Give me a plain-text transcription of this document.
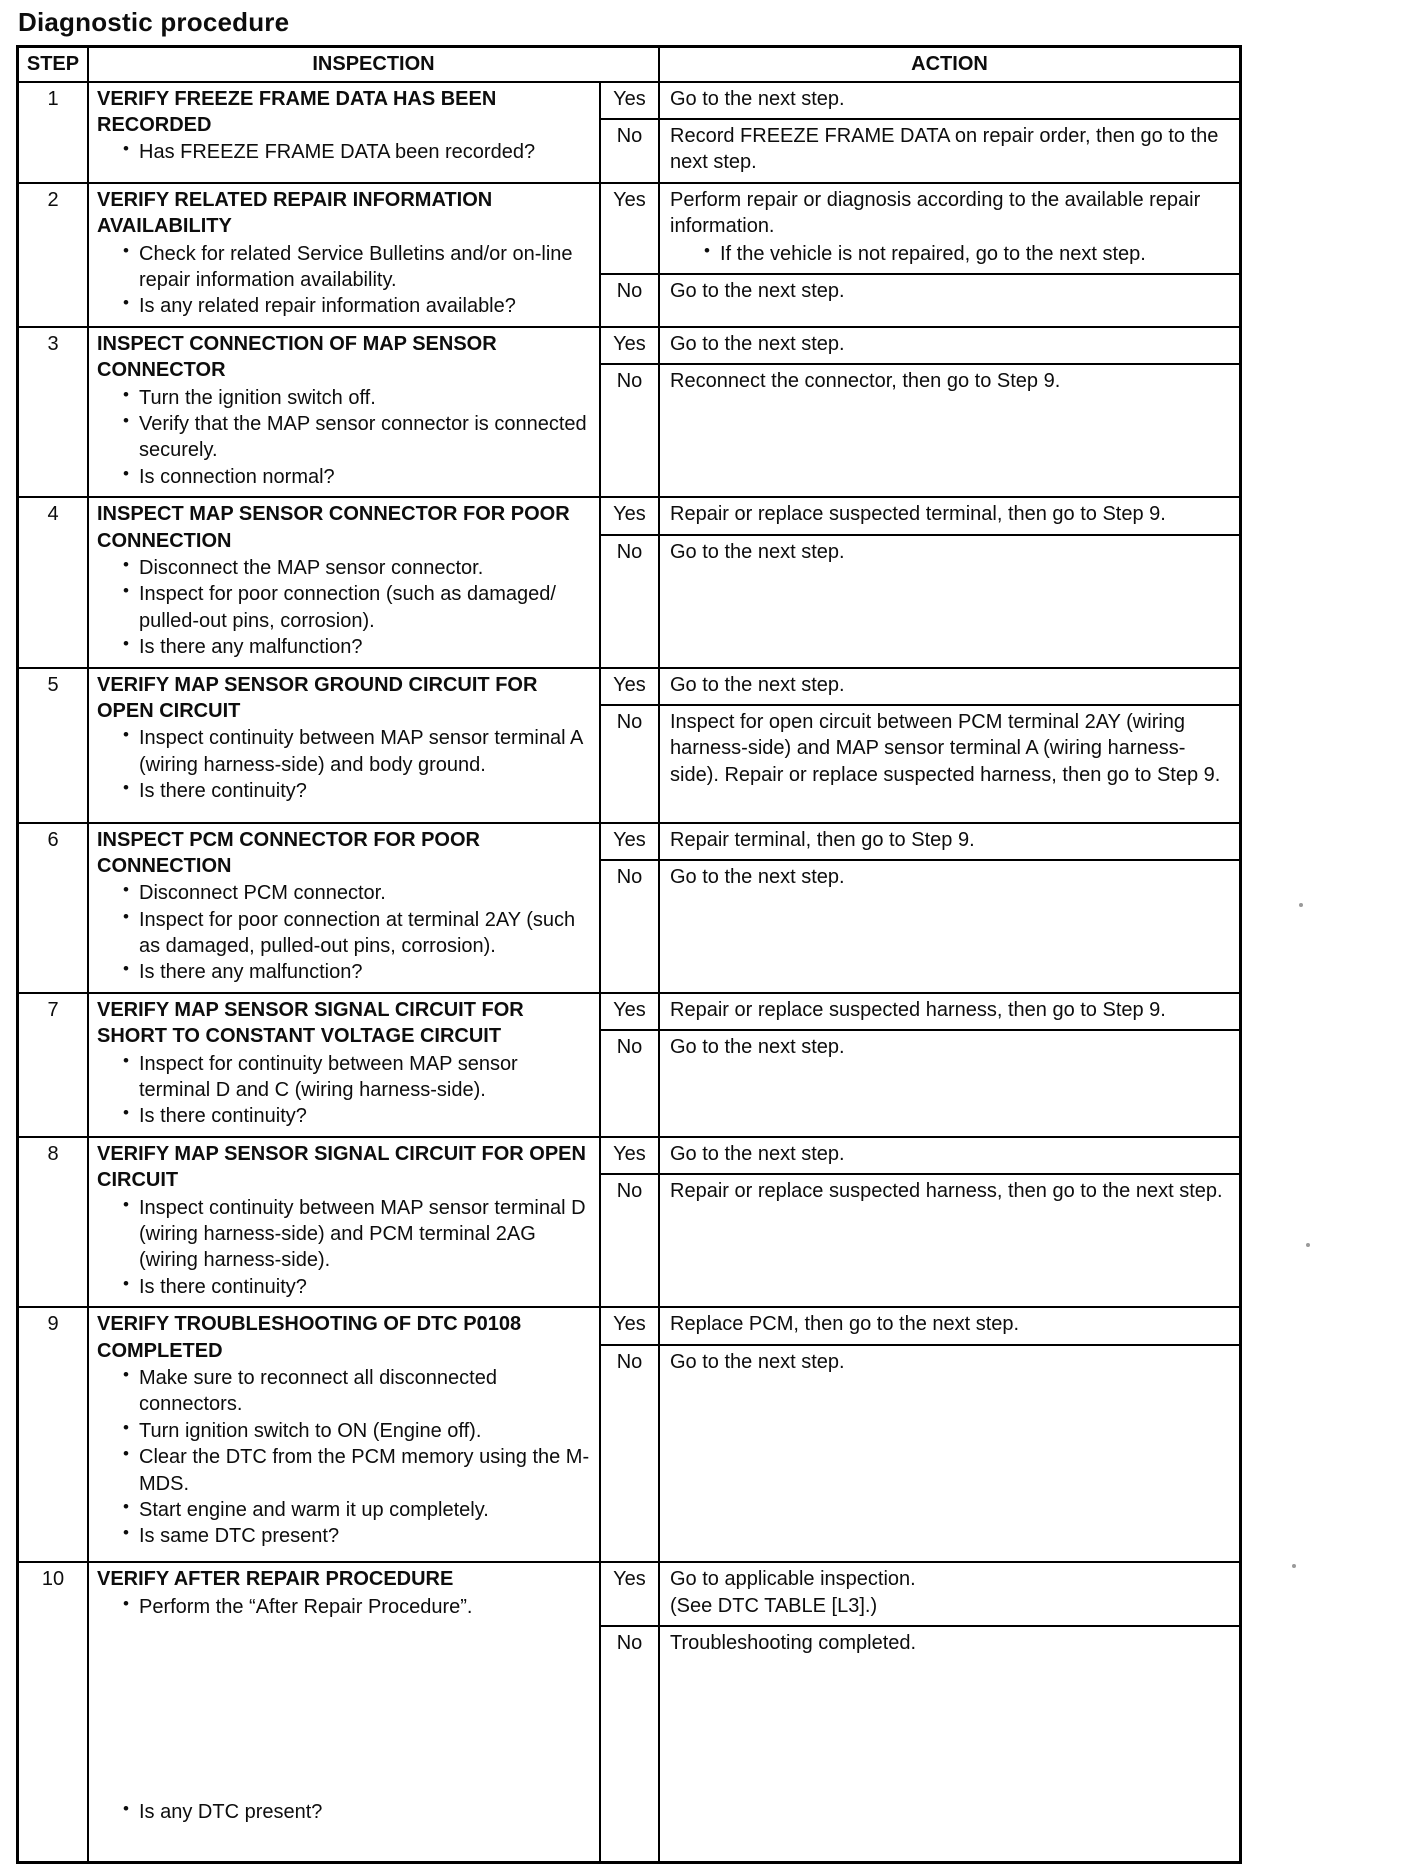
Diagnostic procedure
STEP	INSPECTION	ACTION
1	VERIFY FREEZE FRAME DATA HAS BEEN RECORDED
• Has FREEZE FRAME DATA been recorded?
Yes	Go to the next step.
No	Record FREEZE FRAME DATA on repair order, then go to the next step.
2	VERIFY RELATED REPAIR INFORMATION AVAILABILITY
• Check for related Service Bulletins and/or on-line repair information availability.
• Is any related repair information available?
Yes	Perform repair or diagnosis according to the available repair information.
• If the vehicle is not repaired, go to the next step.
No	Go to the next step.
3	INSPECT CONNECTION OF MAP SENSOR CONNECTOR
• Turn the ignition switch off.
• Verify that the MAP sensor connector is connected securely.
• Is connection normal?
Yes	Go to the next step.
No	Reconnect the connector, then go to Step 9.
4	INSPECT MAP SENSOR CONNECTOR FOR POOR CONNECTION
• Disconnect the MAP sensor connector.
• Inspect for poor connection (such as damaged/ pulled-out pins, corrosion).
• Is there any malfunction?
Yes	Repair or replace suspected terminal, then go to Step 9.
No	Go to the next step.
5	VERIFY MAP SENSOR GROUND CIRCUIT FOR OPEN CIRCUIT
• Inspect continuity between MAP sensor terminal A (wiring harness-side) and body ground.
• Is there continuity?
Yes	Go to the next step.
No	Inspect for open circuit between PCM terminal 2AY (wiring harness-side) and MAP sensor terminal A (wiring harness-side). Repair or replace suspected harness, then go to Step 9.
6	INSPECT PCM CONNECTOR FOR POOR CONNECTION
• Disconnect PCM connector.
• Inspect for poor connection at terminal 2AY (such as damaged, pulled-out pins, corrosion).
• Is there any malfunction?
Yes	Repair terminal, then go to Step 9.
No	Go to the next step.
7	VERIFY MAP SENSOR SIGNAL CIRCUIT FOR SHORT TO CONSTANT VOLTAGE CIRCUIT
• Inspect for continuity between MAP sensor terminal D and C (wiring harness-side).
• Is there continuity?
Yes	Repair or replace suspected harness, then go to Step 9.
No	Go to the next step.
8	VERIFY MAP SENSOR SIGNAL CIRCUIT FOR OPEN CIRCUIT
• Inspect continuity between MAP sensor terminal D (wiring harness-side) and PCM terminal 2AG (wiring harness-side).
• Is there continuity?
Yes	Go to the next step.
No	Repair or replace suspected harness, then go to the next step.
9	VERIFY TROUBLESHOOTING OF DTC P0108 COMPLETED
• Make sure to reconnect all disconnected connectors.
• Turn ignition switch to ON (Engine off).
• Clear the DTC from the PCM memory using the M-MDS.
• Start engine and warm it up completely.
• Is same DTC present?
Yes	Replace PCM, then go to the next step.
No	Go to the next step.
10	VERIFY AFTER REPAIR PROCEDURE
• Perform the “After Repair Procedure”.
• Is any DTC present?
Yes	Go to applicable inspection.
(See DTC TABLE [L3].)
No	Troubleshooting completed.
